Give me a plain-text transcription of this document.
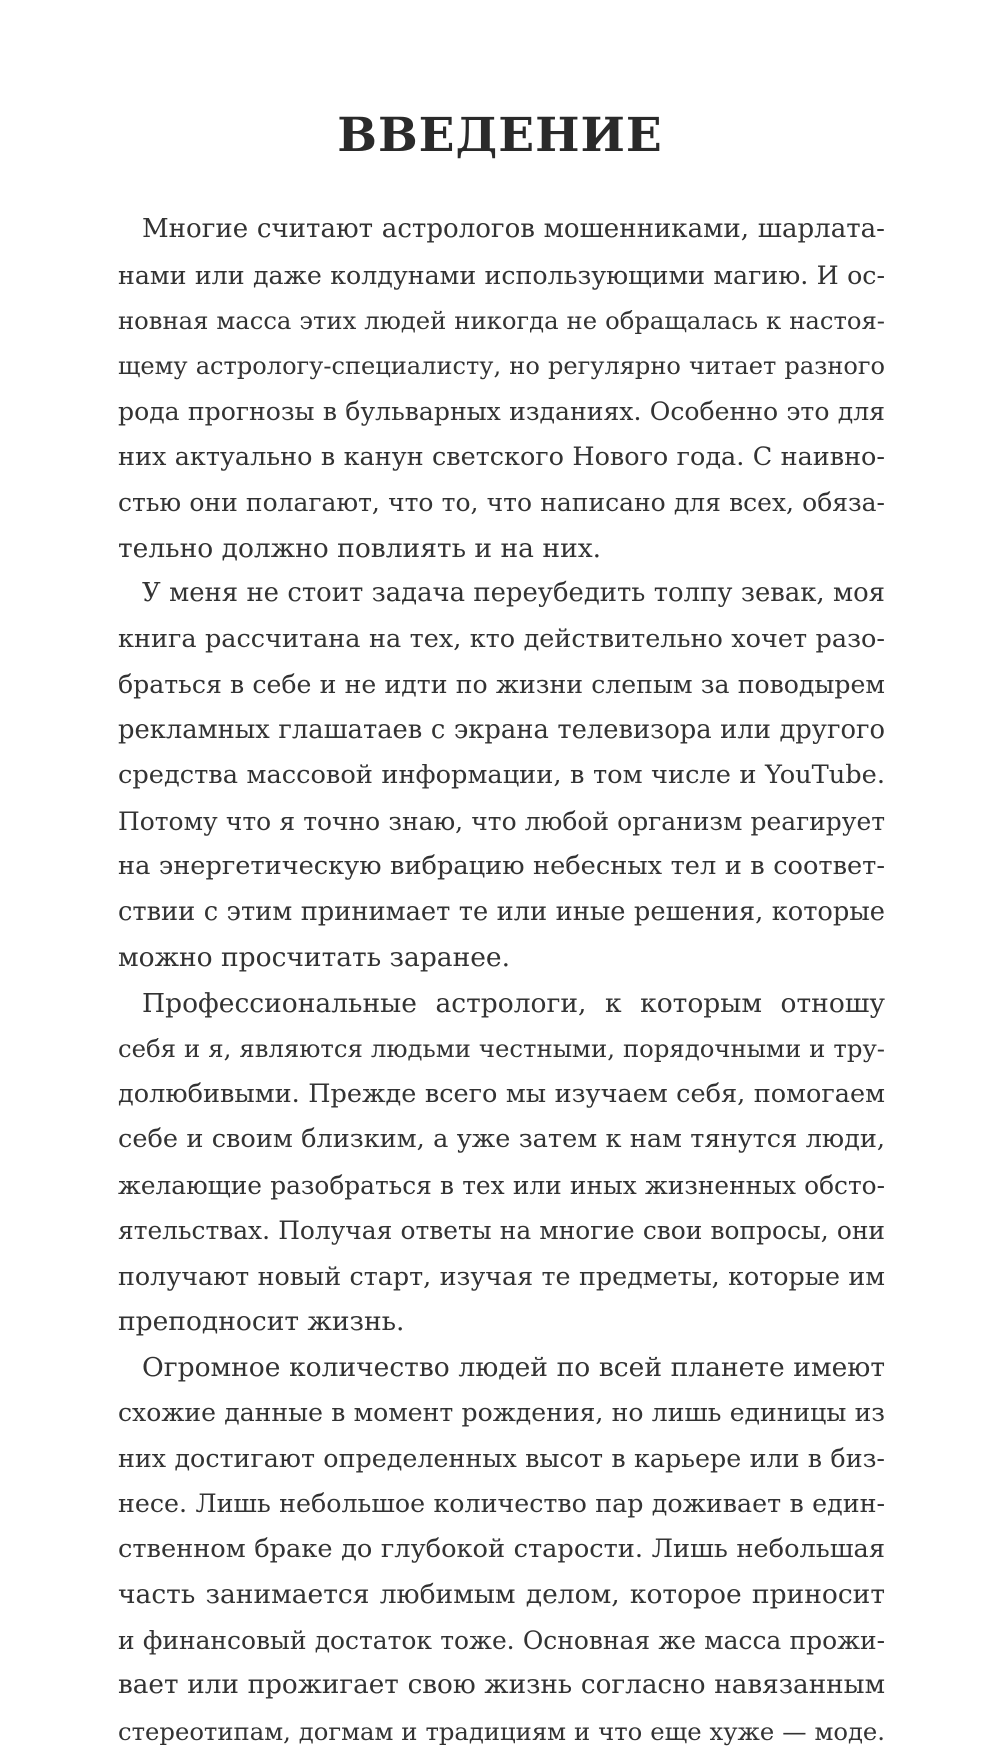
ВВЕДЕНИЕ
Многие считают астрологов мошенниками, шарлата-
нами или даже колдунами использующими магию. И ос-
новная масса этих людей никогда не обращалась к настоя-
щему астрологу-специалисту, но регулярно читает разного
рода прогнозы в бульварных изданиях. Особенно это для
них актуально в канун светского Нового года. С наивно-
стью они полагают, что то, что написано для всех, обяза-
тельно должно повлиять и на них.
У меня не стоит задача переубедить толпу зевак, моя
книга рассчитана на тех, кто действительно хочет разо-
браться в себе и не идти по жизни слепым за поводырем
рекламных глашатаев с экрана телевизора или другого
средства массовой информации, в том числе и YouTube.
Потому что я точно знаю, что любой организм реагирует
на энергетическую вибрацию небесных тел и в соответ-
ствии с этим принимает те или иные решения, которые
можно просчитать заранее.
Профессиональные астрологи, к которым отношу
себя и я, являются людьми честными, порядочными и тру-
долюбивыми. Прежде всего мы изучаем себя, помогаем
себе и своим близким, а уже затем к нам тянутся люди,
желающие разобраться в тех или иных жизненных обсто-
ятельствах. Получая ответы на многие свои вопросы, они
получают новый старт, изучая те предметы, которые им
преподносит жизнь.
Огромное количество людей по всей планете имеют
схожие данные в момент рождения, но лишь единицы из
них достигают определенных высот в карьере или в биз-
несе. Лишь небольшое количество пар доживает в един-
ственном браке до глубокой старости. Лишь небольшая
часть занимается любимым делом, которое приносит
и финансовый достаток тоже. Основная же масса прожи-
вает или прожигает свою жизнь согласно навязанным
стереотипам, догмам и традициям и что еще хуже — моде.
